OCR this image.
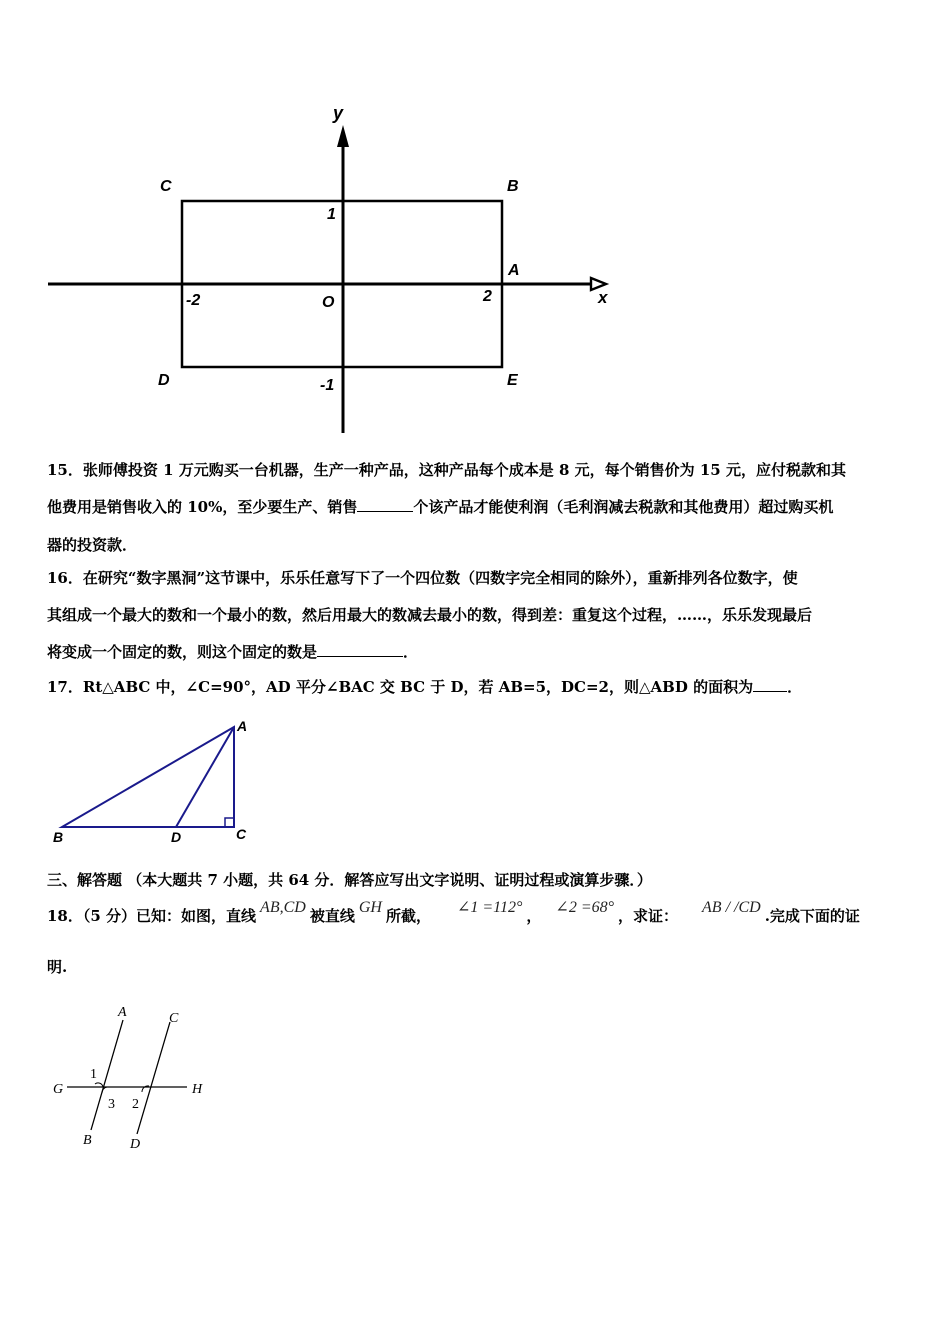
y
x
C	B
A
D	E
1
-2	O	2
-1
15．张师傅投资 1 万元购买一台机器，生产一种产品，这种产品每个成本是 8 元，每个销售价为 15 元，应付税款和其
他费用是销售收入的 10%，至少要生产、销售	个该产品才能使利润（毛利润减去税款和其他费用）超过购买机
器的投资款．
16．在研究“数字黑洞”这节课中，乐乐任意写下了一个四位数（四数字完全相同的除外），重新排列各位数字，使
其组成一个最大的数和一个最小的数，然后用最大的数减去最小的数，得到差：重复这个过程，……，乐乐发现最后
将变成一个固定的数，则这个固定的数是	．
17．Rt△ABC 中，∠C=90°，AD 平分∠BAC 交 BC 于 D，若 AB=5，DC=2，则△ABD 的面积为 ．
A
B	C
D
三、解答题 （本大题共 7 小题，共 64 分．解答应写出文字说明、证明过程或演算步骤．）
18．（5 分）已知：如图，直线 AB,CD 被直线 GH 所截， ∠1 =112° ， ∠2 =68° ，求证： AB / /CD .完成下面的证
明.
A	C
G	H
1
3 2
B	D
